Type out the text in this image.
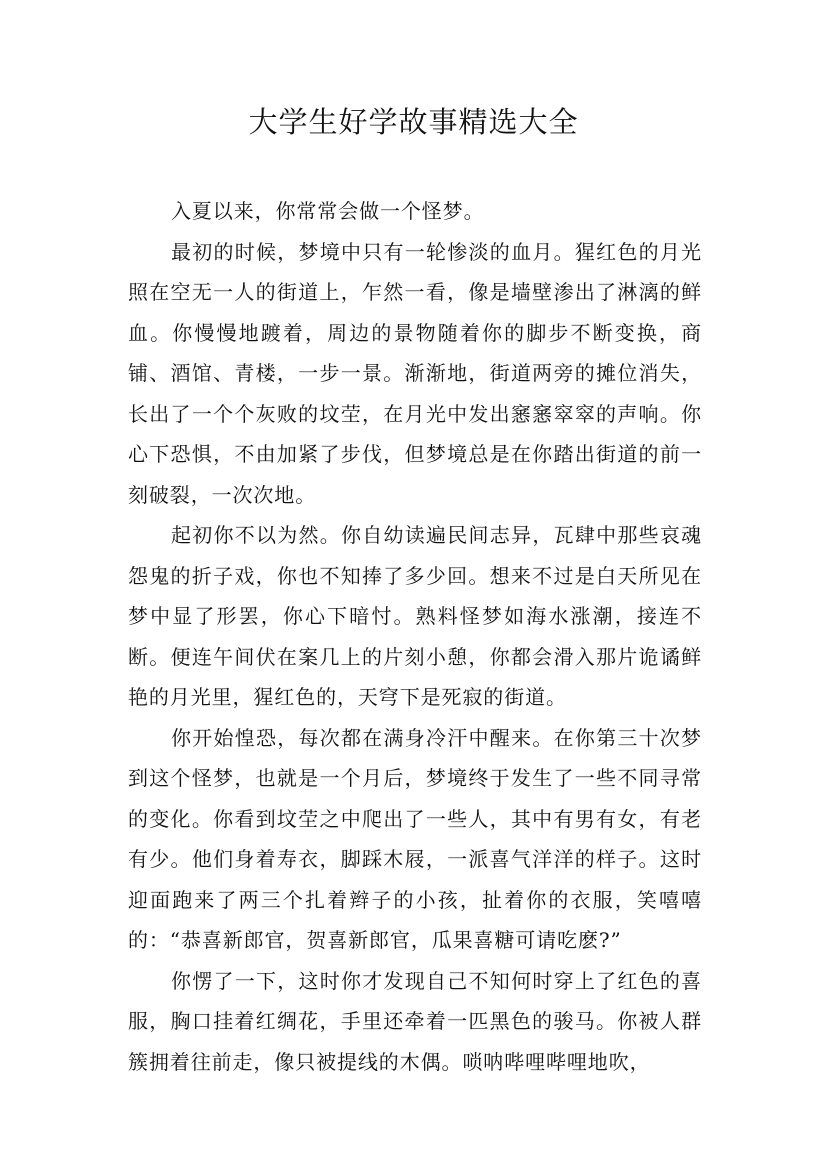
大学生好学故事精选大全

入夏以来，你常常会做一个怪梦。

最初的时候，梦境中只有一轮惨淡的血月。猩红色的月光照在空无一人的街道上，乍然一看，像是墙壁渗出了淋漓的鲜血。你慢慢地踱着，周边的景物随着你的脚步不断变换，商铺、酒馆、青楼，一步一景。渐渐地，街道两旁的摊位消失，长出了一个个灰败的坟茔，在月光中发出窸窸窣窣的声响。你心下恐惧，不由加紧了步伐，但梦境总是在你踏出街道的前一刻破裂，一次次地。

起初你不以为然。你自幼读遍民间志异，瓦肆中那些哀魂怨鬼的折子戏，你也不知捧了多少回。想来不过是白天所见在梦中显了形罢，你心下暗忖。熟料怪梦如海水涨潮，接连不断。便连午间伏在案几上的片刻小憩，你都会滑入那片诡谲鲜艳的月光里，猩红色的，天穹下是死寂的街道。

你开始惶恐，每次都在满身冷汗中醒来。在你第三十次梦到这个怪梦，也就是一个月后，梦境终于发生了一些不同寻常的变化。你看到坟茔之中爬出了一些人，其中有男有女，有老有少。他们身着寿衣，脚踩木屐，一派喜气洋洋的样子。这时迎面跑来了两三个扎着辫子的小孩，扯着你的衣服，笑嘻嘻的：“恭喜新郎官，贺喜新郎官，瓜果喜糖可请吃麽?”

你愣了一下，这时你才发现自己不知何时穿上了红色的喜服，胸口挂着红绸花，手里还牵着一匹黑色的骏马。你被人群簇拥着往前走，像只被提线的木偶。唢呐哔哩哔哩地吹，
